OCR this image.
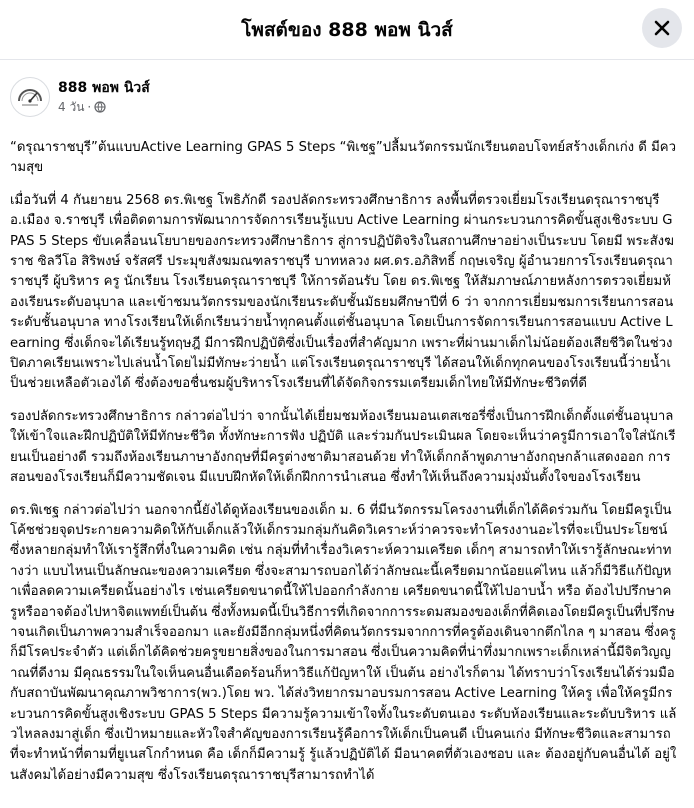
โพสต์ของ 888 พอพ นิวส์
888 พอพ นิวส์
4 วัน ·

“ดรุณาราชบุรี”ต้นแบบActive Learning GPAS 5 Steps “พิเชฐ”ปลื้มนวัตกรรมนักเรียนตอบโจทย์สร้างเด็กเก่ง ดี มีความสุข

เมื่อวันที่ 4 กันยายน 2568 ดร.พิเชฐ โพธิภักดี รองปลัดกระทรวงศึกษาธิการ ลงพื้นที่ตรวจเยี่ยมโรงเรียนดรุณาราชบุรี อ.เมือง จ.ราชบุรี เพื่อติดตามการพัฒนาการจัดการเรียนรู้แบบ Active Learning ผ่านกระบวนการคิดขั้นสูงเชิงระบบ GPAS 5 Steps ขับเคลื่อนนโยบายของกระทรวงศึกษาธิการ สู่การปฏิบัติจริงในสถานศึกษาอย่างเป็นระบบ โดยมี พระสังฆราช ซิลวีโอ สิริพงษ์ จรัสศรี ประมุขสังฆมณฑลราชบุรี บาทหลวง ผศ.ดร.อภิสิทธิ์ กฤษเจริญ ผู้อำนวยการโรงเรียนดรุณาราชบุรี ผู้บริหาร ครู นักเรียน โรงเรียนดรุณาราชบุรี ให้การต้อนรับ โดย ดร.พิเชฐ ให้สัมภาษณ์ภายหลังการตรวจเยี่ยมห้องเรียนระดับอนุบาล และเข้าชมนวัตกรรมของนักเรียนระดับชั้นมัธยมศึกษาปีที่ 6 ว่า จากการเยี่ยมชมการเรียนการสอนระดับชั้นอนุบาล ทางโรงเรียนให้เด็กเรียนว่ายน้ำทุกคนตั้งแต่ชั้นอนุบาล โดยเป็นการจัดการเรียนการสอนแบบ Active Learning ซึ่งเด็กจะได้เรียนรู้ทฤษฎี มีการฝึกปฏิบัติซึ่งเป็นเรื่องที่สำคัญมาก เพราะที่ผ่านมาเด็กไม่น้อยต้องเสียชีวิตในช่วงปิดภาคเรียนเพราะไปเล่นน้ำโดยไม่มีทักษะว่ายน้ำ แต่โรงเรียนดรุณาราชบุรี ได้สอนให้เด็กทุกคนของโรงเรียนนี้ว่ายน้ำเป็นช่วยเหลือตัวเองได้ ซึ่งต้องขอชื่นชมผู้บริหารโรงเรียนที่ได้จัดกิจกรรมเตรียมเด็กไทยให้มีทักษะชีวิตที่ดี

รองปลัดกระทรวงศึกษาธิการ กล่าวต่อไปว่า จากนั้นได้เยี่ยมชมห้องเรียนมอนเตสเซอรี่ซึ่งเป็นการฝึกเด็กตั้งแต่ชั้นอนุบาลให้เข้าใจและฝึกปฏิบัติให้มีทักษะชีวิต ทั้งทักษะการฟัง ปฏิบัติ และร่วมกันประเมินผล โดยจะเห็นว่าครูมีการเอาใจใส่นักเรียนเป็นอย่างดี รวมถึงห้องเรียนภาษาอังกฤษที่มีครูต่างชาติมาสอนด้วย ทำให้เด็กกล้าพูดภาษาอังกฤษกล้าแสดงออก การสอนของโรงเรียนก็มีความชัดเจน มีแบบฝึกหัดให้เด็กฝึกการนำเสนอ ซึ่งทำให้เห็นถึงความมุ่งมั่นตั้งใจของโรงเรียน

ดร.พิเชฐ กล่าวต่อไปว่า นอกจากนี้ยังได้ดูห้องเรียนของเด็ก ม. 6 ที่มีนวัตกรรมโครงงานที่เด็กได้คิดร่วมกัน โดยมีครูเป็นโค้ชช่วยจุดประกายความคิดให้กับเด็กแล้วให้เด็กรวมกลุ่มกันคิดวิเคราะห์ว่าควรจะทำโครงงานอะไรที่จะเป็นประโยชน์ ซึ่งหลายกลุ่มทำให้เรารู้สึกทึ่งในความคิด เช่น กลุ่มที่ทำเรื่องวิเคราะห์ความเครียด เด็กๆ สามารถทำให้เรารู้ลักษณะท่าทางว่า แบบไหนเป็นลักษณะของความเครียด ซึ่งจะสามารถบอกได้ว่าลักษณะนี้เครียดมากน้อยแค่ไหน แล้วก็มีวิธีแก้ปัญหาเพื่อลดความเครียดนั้นอย่างไร เช่นเครียดขนาดนี้ให้ไปออกกำลังกาย เครียดขนาดนี้ให้ไปอาบน้ำ หรือ ต้องไปปรึกษาครูหรืออาจต้องไปหาจิตแพทย์เป็นต้น ซึ่งทั้งหมดนี้เป็นวิธีการที่เกิดจากการระดมสมองของเด็กที่คิดเองโดยมีครูเป็นที่ปรึกษาจนเกิดเป็นภาพความสำเร็จออกมา และยังมีอีกกลุ่มหนึ่งที่คิดนวัตกรรมจากการที่ครูต้องเดินจากตึกไกล ๆ มาสอน ซึ่งครูก็มีโรคประจำตัว แต่เด็กได้คิดช่วยครูขยายสิ่งของในการมาสอน ซึ่งเป็นความคิดที่น่าทึ่งมากเพราะเด็กเหล่านี้มีจิตวิญญาณที่ดีงาม มีคุณธรรมในใจเห็นคนอื่นเดือดร้อนก็หาวิธีแก้ปัญหาให้ เป็นต้น อย่างไรก็ตาม ได้ทราบว่าโรงเรียนได้ร่วมมือกับสถาบันพัฒนาคุณภาพวิชาการ(พว.)โดย พว. ได้ส่งวิทยากรมาอบรมการสอน Active Learning ให้ครู เพื่อให้ครูมีกระบวนการคิดขั้นสูงเชิงระบบ GPAS 5 Steps มีความรู้ความเข้าใจทั้งในระดับตนเอง ระดับห้องเรียนและระดับบริหาร แล้วไหลลงมาสู่เด็ก ซึ่งเป้าหมายและหัวใจสำคัญของการเรียนรู้คือการให้เด็กเป็นคนดี เป็นคนเก่ง มีทักษะชีวิตและสามารถที่จะทำหน้าที่ตามที่ยูเนสโกกำหนด คือ เด็กก็มีความรู้ รู้แล้วปฏิบัติได้ มีอนาคตที่ตัวเองชอบ และ ต้องอยู่กับคนอื่นได้ อยู่ในสังคมได้อย่างมีความสุข ซึ่งโรงเรียนดรุณาราชบุรีสามารถทำได้
